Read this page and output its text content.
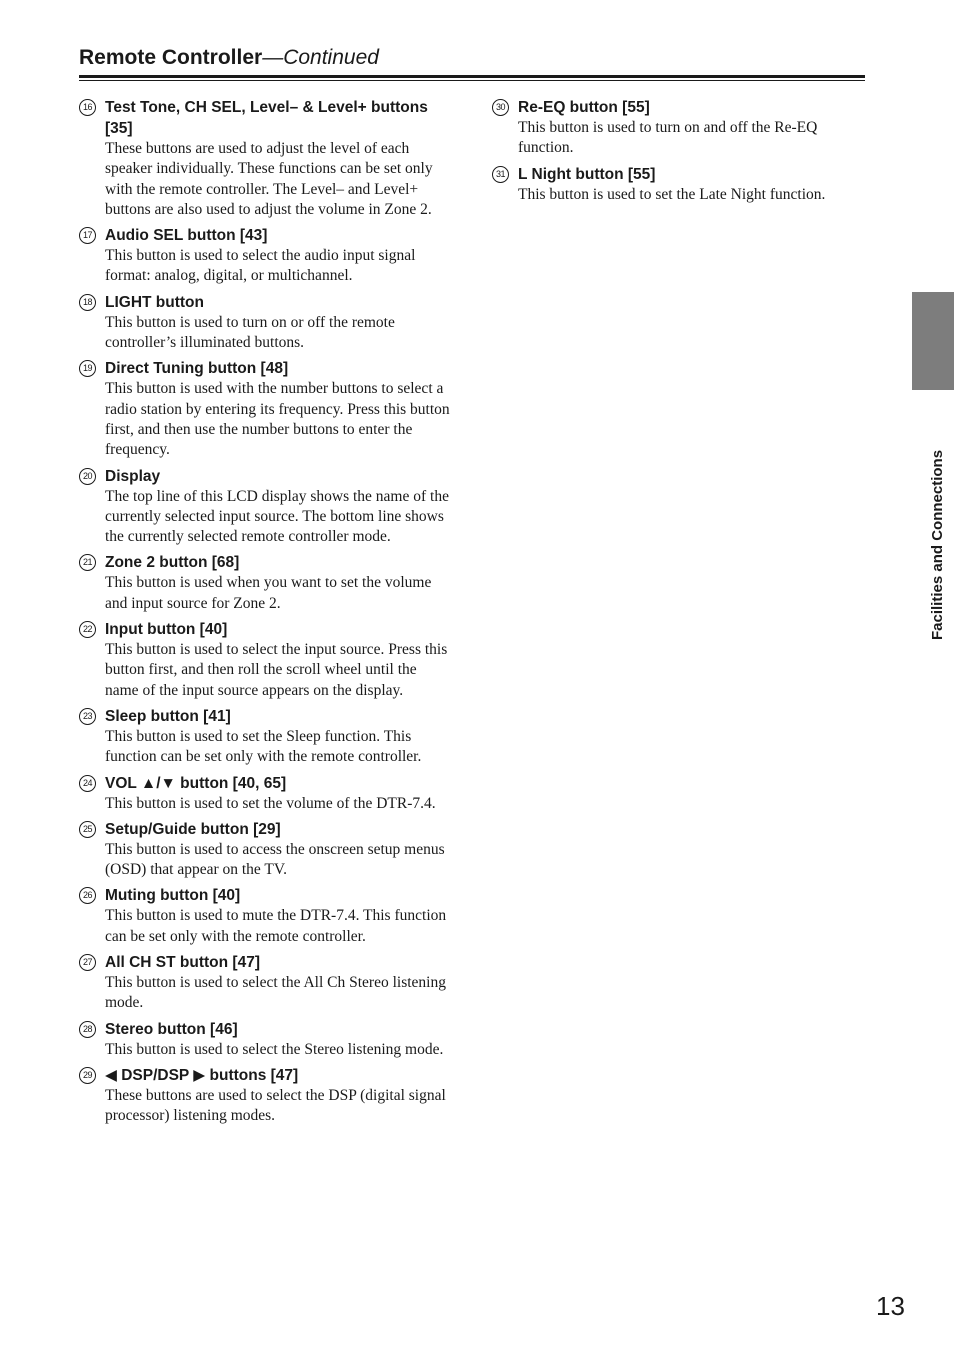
Remote Controller—Continued
16 Test Tone, CH SEL, Level– & Level+ buttons [35]
These buttons are used to adjust the level of each speaker individually. These functions can be set only with the remote controller. The Level– and Level+ buttons are also used to adjust the volume in Zone 2.
17 Audio SEL button [43]
This button is used to select the audio input signal format: analog, digital, or multichannel.
18 LIGHT button
This button is used to turn on or off the remote controller’s illuminated buttons.
19 Direct Tuning button [48]
This button is used with the number buttons to select a radio station by entering its frequency. Press this button first, and then use the number buttons to enter the frequency.
20 Display
The top line of this LCD display shows the name of the currently selected input source. The bottom line shows the currently selected remote controller mode.
21 Zone 2 button [68]
This button is used when you want to set the volume and input source for Zone 2.
22 Input button [40]
This button is used to select the input source. Press this button first, and then roll the scroll wheel until the name of the input source appears on the display.
23 Sleep button [41]
This button is used to set the Sleep function. This function can be set only with the remote controller.
24 VOL ▲/▼ button [40, 65]
This button is used to set the volume of the DTR-7.4.
25 Setup/Guide button [29]
This button is used to access the onscreen setup menus (OSD) that appear on the TV.
26 Muting button [40]
This button is used to mute the DTR-7.4. This function can be set only with the remote controller.
27 All CH ST button [47]
This button is used to select the All Ch Stereo listening mode.
28 Stereo button [46]
This button is used to select the Stereo listening mode.
29 ◀ DSP/DSP ▶ buttons [47]
These buttons are used to select the DSP (digital signal processor) listening modes.
30 Re-EQ button [55]
This button is used to turn on and off the Re-EQ function.
31 L Night button [55]
This button is used to set the Late Night function.
Facilities and Connections
13
